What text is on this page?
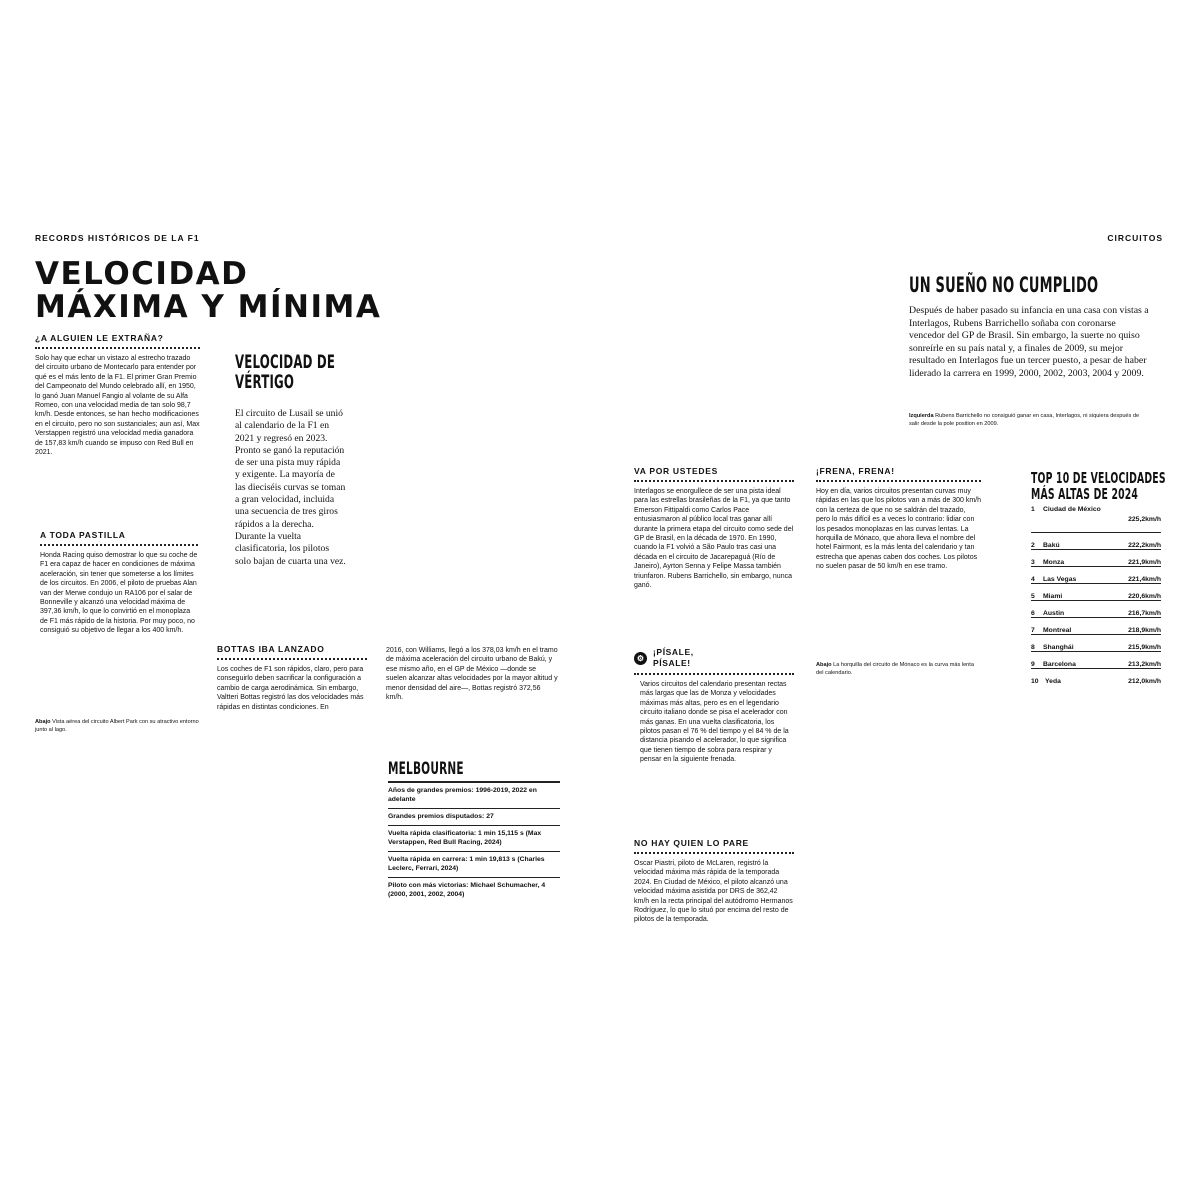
RECORDS HISTÓRICOS DE LA F1	CIRCUITOS
VELOCIDAD
MÁXIMA Y MÍNIMA
¿A ALGUIEN LE EXTRAÑA?

Solo hay que echar un vistazo al estrecho trazado del circuito urbano de Montecarlo para entender por qué es el más lento de la F1. El primer Gran Premio del Campeonato del Mundo celebrado allí, en 1950, lo ganó Juan Manuel Fangio al volante de su Alfa Romeo, con una velocidad media de tan solo 98,7 km/h. Desde entonces, se han hecho modificaciones en el circuito, pero no son sustanciales; aun así, Max Verstappen registró una velocidad media ganadora de 157,83 km/h cuando se impuso con Red Bull en 2021.

A TODA PASTILLA

Honda Racing quiso demostrar lo que su coche de F1 era capaz de hacer en condiciones de máxima aceleración, sin tener que someterse a los límites de los circuitos. En 2006, el piloto de pruebas Alan van der Merwe condujo un RA106 por el salar de Bonneville y alcanzó una velocidad máxima de 397,36 km/h, lo que lo convirtió en el monoplaza de F1 más rápido de la historia. Por muy poco, no consiguió su objetivo de llegar a los 400 km/h.

Abajo Vista aérea del circuito Albert Park con su atractivo entorno junto al lago.

VELOCIDAD DE
VÉRTIGO

El circuito de Lusail se unió al calendario de la F1 en 2021 y regresó en 2023. Pronto se ganó la reputación de ser una pista muy rápida y exigente. La mayoría de las dieciséis curvas se toman a gran velocidad, incluida una secuencia de tres giros rápidos a la derecha. Durante la vuelta clasificatoria, los pilotos solo bajan de cuarta una vez.

BOTTAS IBA LANZADO

Los coches de F1 son rápidos, claro, pero para conseguirlo deben sacrificar la configuración a cambio de carga aerodinámica. Sin embargo, Valtteri Bottas registró las dos velocidades más rápidas en distintas condiciones. En

2016, con Williams, llegó a los 378,03 km/h en el tramo de máxima aceleración del circuito urbano de Bakú, y ese mismo año, en el GP de México —donde se suelen alcanzar altas velocidades por la mayor altitud y menor densidad del aire—, Bottas registró 372,56 km/h.

MELBOURNE
Años de grandes premios: 1996-2019, 2022 en adelante
Grandes premios disputados: 27
Vuelta rápida clasificatoria: 1 min 15,115 s (Max Verstappen, Red Bull Racing, 2024)
Vuelta rápida en carrera: 1 min 19,813 s (Charles Leclerc, Ferrari, 2024)
Piloto con más victorias: Michael Schumacher, 4 (2000, 2001, 2002, 2004)
UN SUEÑO NO CUMPLIDO

Después de haber pasado su infancia en una casa con vistas a Interlagos, Rubens Barrichello soñaba con coronarse vencedor del GP de Brasil. Sin embargo, la suerte no quiso sonreírle en su país natal y, a finales de 2009, su mejor resultado en Interlagos fue un tercer puesto, a pesar de haber liderado la carrera en 1999, 2000, 2002, 2003, 2004 y 2009.

Izquierda Rubens Barrichello no consiguió ganar en casa, Interlagos, ni siquiera después de salir desde la pole position en 2009.

VA POR USTEDES

Interlagos se enorgullece de ser una pista ideal para las estrellas brasileñas de la F1, ya que tanto Emerson Fittipaldi como Carlos Pace entusiasmaron al público local tras ganar allí durante la primera etapa del circuito como sede del GP de Brasil, en la década de 1970. En 1990, cuando la F1 volvió a São Paulo tras casi una década en el circuito de Jacarepaguá (Río de Janeiro), Ayrton Senna y Felipe Massa también triunfaron. Rubens Barrichello, sin embargo, nunca ganó.

⚙
¡PÍSALE,
PÍSALE!

Varios circuitos del calendario presentan rectas más largas que las de Monza y velocidades máximas más altas, pero es en el legendario circuito italiano donde se pisa el acelerador con más ganas. En una vuelta clasificatoria, los pilotos pasan el 76 % del tiempo y el 84 % de la distancia pisando el acelerador, lo que significa que tienen tiempo de sobra para respirar y pensar en la siguiente frenada.

NO HAY QUIEN LO PARE

Oscar Piastri, piloto de McLaren, registró la velocidad máxima más rápida de la temporada 2024. En Ciudad de México, el piloto alcanzó una velocidad máxima asistida por DRS de 362,42 km/h en la recta principal del autódromo Hermanos Rodríguez, lo que lo situó por encima del resto de pilotos de la temporada.

¡FRENA, FRENA!

Hoy en día, varios circuitos presentan curvas muy rápidas en las que los pilotos van a más de 300 km/h con la certeza de que no se saldrán del trazado, pero lo más difícil es a veces lo contrario: lidiar con los pesados monoplazas en las curvas lentas. La horquilla de Mónaco, que ahora lleva el nombre del hotel Fairmont, es la más lenta del calendario y tan estrecha que apenas caben dos coches. Los pilotos no suelen pasar de 50 km/h en ese tramo.

Abajo La horquilla del circuito de Mónaco es la curva más lenta del calendario.

TOP 10 DE VELOCIDADES
MÁS ALTAS DE 2024
1	Ciudad de México
225,2km/h
2	Bakú	222,2km/h
3	Monza	221,9km/h
4	Las Vegas	221,4km/h
5	Miami	220,6km/h
6	Austin	216,7km/h
7	Montreal	218,9km/h
8	Shanghái	215,9km/h
9	Barcelona	213,2km/h
10 Yeda	212,0km/h
